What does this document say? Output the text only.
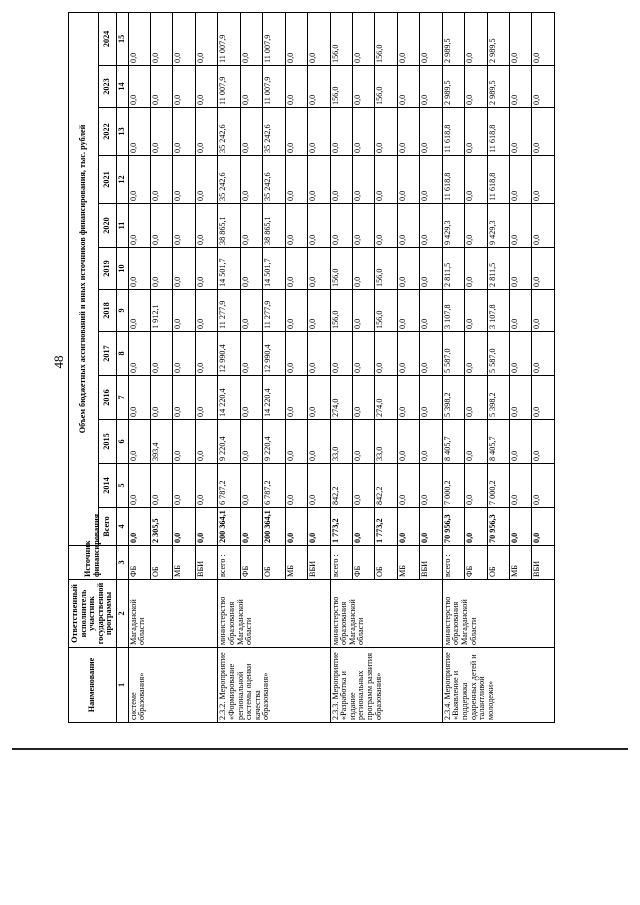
48
Наименование	Ответственный исполнитель участник государственной программы	Источник финансирования	Объем бюджетных ассигнований и иных источников финансирования, тыс. рублей											
			Всего	2014	2015	2016	2017	2018	2019	2020	2021	2022	2023	2024
1	2	3	4	5	6	7	8	9	10	11	12	13	14	15
системе образования»	Магаданской области	ФБ	0,0	0,0	0,0	0,0	0,0	0,0	0,0	0,0	0,0	0,0	0,0	0,0
		ОБ	2 305,5	0,0	393,4	0,0	0,0	1 912,1	0,0	0,0	0,0	0,0	0,0	0,0
		МБ	0,0	0,0	0,0	0,0	0,0	0,0	0,0	0,0	0,0	0,0	0,0	0,0
		ВБИ	0,0	0,0	0,0	0,0	0,0	0,0	0,0	0,0	0,0	0,0	0,0	0,0
2.3.2. Мероприятие «Формирование региональной системы оценки качества образования»	министерство образования Магаданской области	всего :	200 364,1	6 787,2	9 220,4	14 220,4	12 990,4	11 277,9	14 501,7	38 865,1	35 242,6	35 242,6	11 007,9	11 007,9
		ФБ	0,0	0,0	0,0	0,0	0,0	0,0	0,0	0,0	0,0	0,0	0,0	0,0
		ОБ	200 364,1	6 787,2	9 220,4	14 220,4	12 990,4	11 277,9	14 501,7	38 865,1	35 242,6	35 242,6	11 007,9	11 007,9
		МБ	0,0	0,0	0,0	0,0	0,0	0,0	0,0	0,0	0,0	0,0	0,0	0,0
		ВБИ	0,0	0,0	0,0	0,0	0,0	0,0	0,0	0,0	0,0	0,0	0,0	0,0
2.3.3. Мероприятие «Разработка и издание региональных программ развития образования»	министерство образования Магаданской области	всего :	1 773,2	842,2	33,0	274,0	0,0	156,0	156,0	0,0	0,0	0,0	156,0	156,0
		ФБ	0,0	0,0	0,0	0,0	0,0	0,0	0,0	0,0	0,0	0,0	0,0	0,0
		ОБ	1 773,2	842,2	33,0	274,0	0,0	156,0	156,0	0,0	0,0	0,0	156,0	156,0
		МБ	0,0	0,0	0,0	0,0	0,0	0,0	0,0	0,0	0,0	0,0	0,0	0,0
		ВБИ	0,0	0,0	0,0	0,0	0,0	0,0	0,0	0,0	0,0	0,0	0,0	0,0
2.3.4. Мероприятие «Выявление и поддержка одаренных детей и талантливой молодежи»	министерство образования Магаданской области	всего :	70 956,3	7 000,2	8 405,7	5 398,2	5 587,0	3 107,8	2 811,5	9 429,3	11 618,8	11 618,8	2 989,5	2 989,5
		ФБ	0,0	0,0	0,0	0,0	0,0	0,0	0,0	0,0	0,0	0,0	0,0	0,0
		ОБ	70 956,3	7 000,2	8 405,7	5 398,2	5 587,0	3 107,8	2 811,5	9 429,3	11 618,8	11 618,8	2 989,5	2 989,5
		МБ	0,0	0,0	0,0	0,0	0,0	0,0	0,0	0,0	0,0	0,0	0,0	0,0
		ВБИ	0,0	0,0	0,0	0,0	0,0	0,0	0,0	0,0	0,0	0,0	0,0	0,0
